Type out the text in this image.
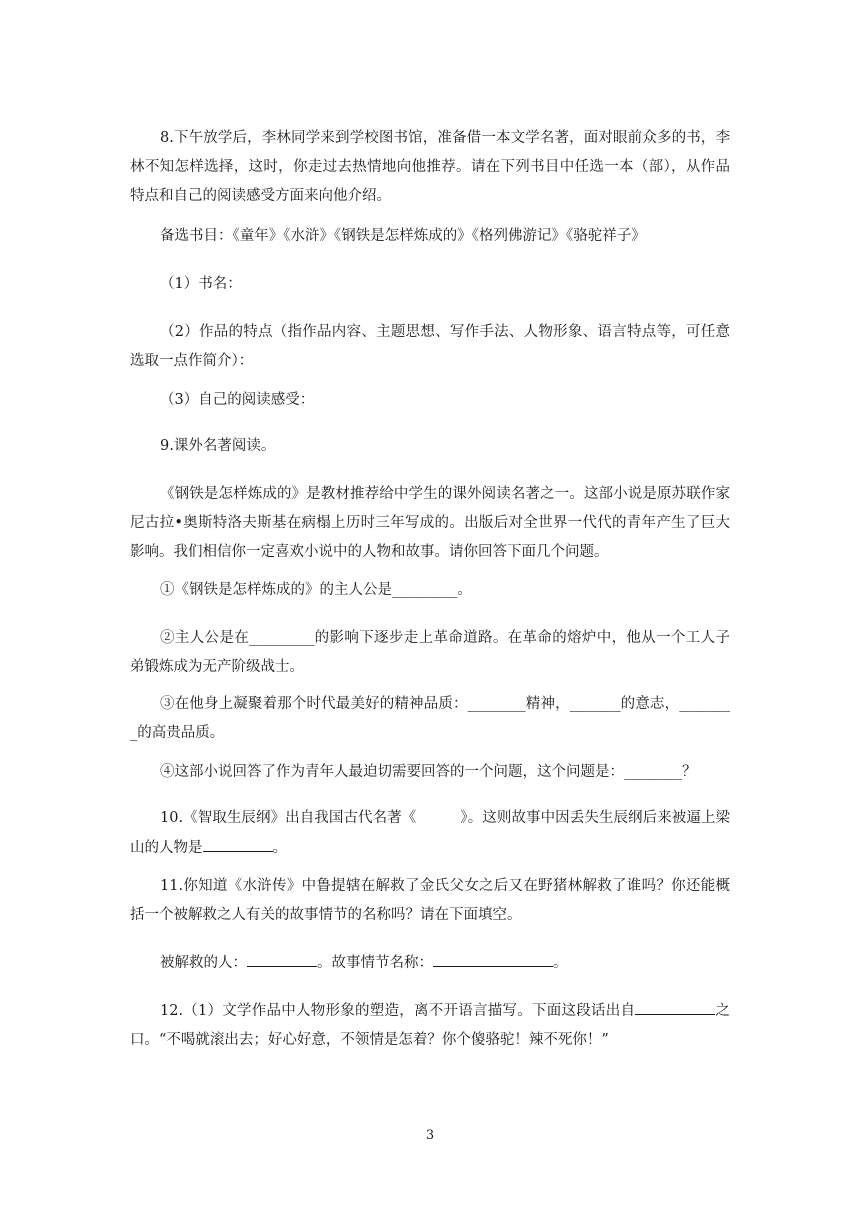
8.下午放学后，李林同学来到学校图书馆，准备借一本文学名著，面对眼前众多的书，李林不知怎样选择，这时，你走过去热情地向他推荐。请在下列书目中任选一本（部），从作品特点和自己的阅读感受方面来向他介绍。

备选书目：《童年》《水浒》《钢铁是怎样炼成的》《格列佛游记》《骆驼祥子》

（1）书名：

（2）作品的特点（指作品内容、主题思想、写作手法、人物形象、语言特点等，可任意选取一点作简介）：

（3）自己的阅读感受：

9.课外名著阅读。

《钢铁是怎样炼成的》是教材推荐给中学生的课外阅读名著之一。这部小说是原苏联作家尼古拉•奥斯特洛夫斯基在病榻上历时三年写成的。出版后对全世界一代代的青年产生了巨大影响。我们相信你一定喜欢小说中的人物和故事。请你回答下面几个问题。

①《钢铁是怎样炼成的》的主人公是_________。

②主人公是在_________的影响下逐步走上革命道路。在革命的熔炉中，他从一个工人子弟锻炼成为无产阶级战士。

③在他身上凝聚着那个时代最美好的精神品质：________精神，_______的意志，________的高贵品质。

④这部小说回答了作为青年人最迫切需要回答的一个问题，这个问题是：________？

10.《智取生辰纲》出自我国古代名著《	》。这则故事中因丢失生辰纲后来被逼上梁山的人物是	。

11.你知道《水浒传》中鲁提辖在解救了金氏父女之后又在野猪林解救了谁吗？你还能概括一个被解救之人有关的故事情节的名称吗？请在下面填空。

被解救的人：	。故事情节名称：	。

12.（1）文学作品中人物形象的塑造，离不开语言描写。下面这段话出自	之口。“不喝就滚出去；好心好意，不领情是怎着？你个傻骆驼！辣不死你！”

3
